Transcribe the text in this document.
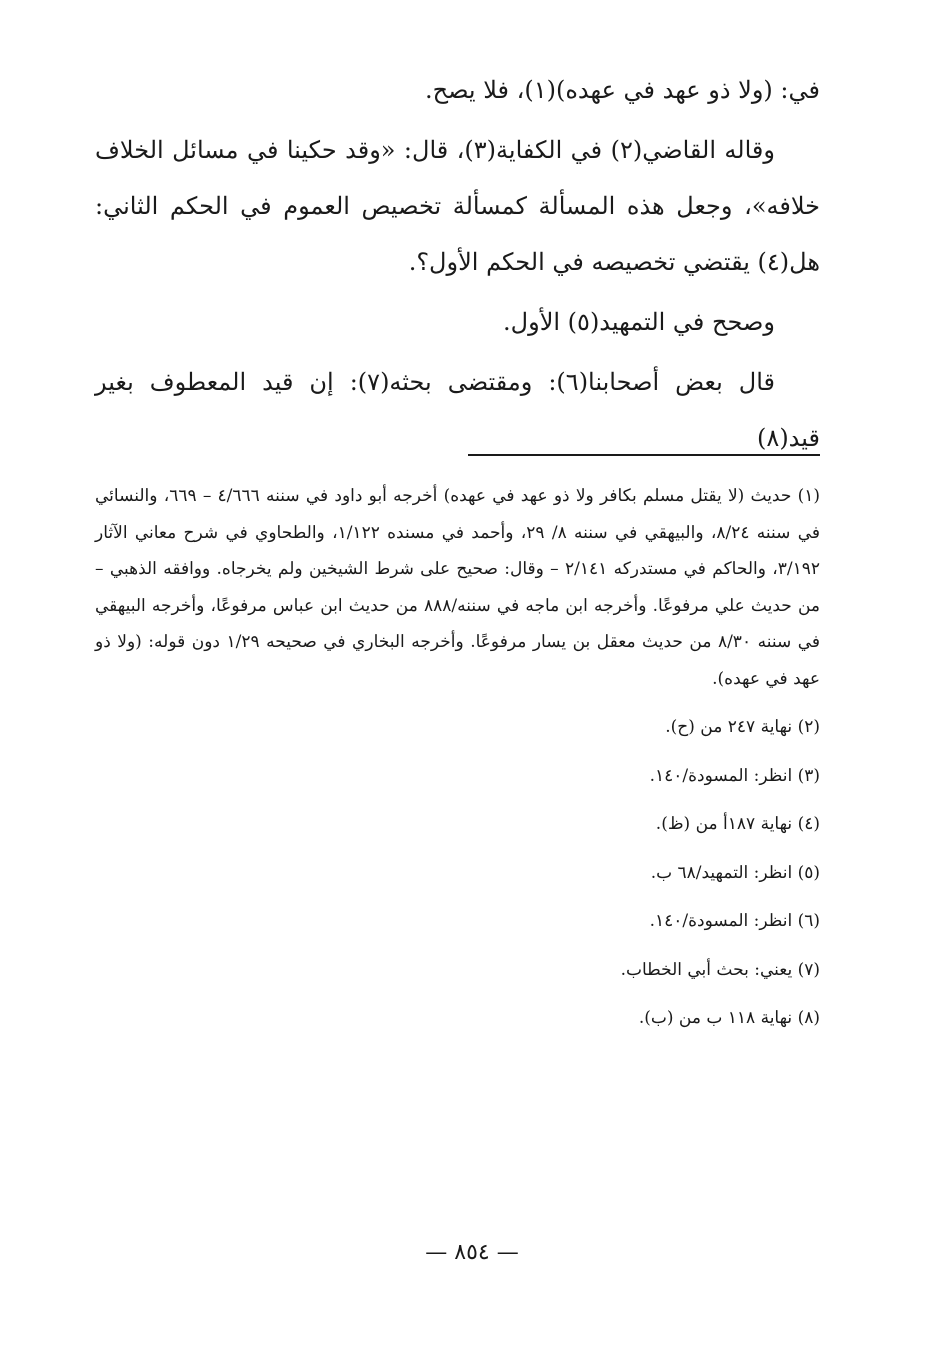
في: (ولا ذو عهد في عهده)(١)، فلا يصح.

وقاله القاضي(٢) في الكفاية(٣)، قال: «وقد حكينا في مسائل الخلاف خلافه»، وجعل هذه المسألة كمسألة تخصيص العموم في الحكم الثاني: هل(٤) يقتضي تخصيصه في الحكم الأول؟.

وصحح في التمهيد(٥) الأول.

قال بعض أصحابنا(٦): ومقتضى بحثه(٧): إن قيد المعطوف بغير قيد(٨)

(١) حديث (لا يقتل مسلم بكافر ولا ذو عهد في عهده) أخرجه أبو داود في سننه ٤/٦٦٦ – ٦٦٩، والنسائي في سننه ٨/٢٤، والبيهقي في سننه ٨/ ٢٩، وأحمد في مسنده ١/١٢٢، والطحاوي في شرح معاني الآثار ٣/١٩٢، والحاكم في مستدركه ٢/١٤١ – وقال: صحيح على شرط الشيخين ولم يخرجاه. ووافقه الذهبي – من حديث علي مرفوعًا. وأخرجه ابن ماجه في سننه/٨٨٨ من حديث ابن عباس مرفوعًا، وأخرجه البيهقي في سننه ٨/٣٠ من حديث معقل بن يسار مرفوعًا. وأخرجه البخاري في صحيحه ١/٢٩ دون قوله: (ولا ذو عهد في عهده).

(٢) نهاية ٢٤٧ من (ح).

(٣) انظر: المسودة/١٤٠.

(٤) نهاية ١٨٧أ من (ظ).

(٥) انظر: التمهيد/٦٨ ب.

(٦) انظر: المسودة/١٤٠.

(٧) يعني: بحث أبي الخطاب.

(٨) نهاية ١١٨ ب من (ب).

— ٨٥٤ —
